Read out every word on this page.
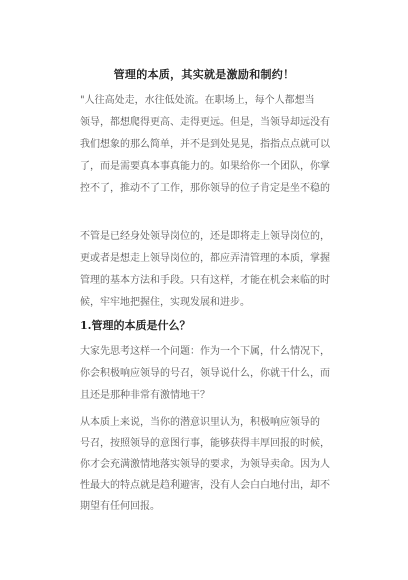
管理的本质，其实就是激励和制约！
"人往高处走，水往低处流。在职场上，每个人都想当
领导，都想爬得更高、走得更远。但是，当领导却远没有
我们想象的那么简单，并不是到处晃晃，指指点点就可以
了，而是需要真本事真能力的。如果给你一个团队，你掌
控不了，推动不了工作，那你领导的位子肯定是坐不稳的
不管是已经身处领导岗位的，还是即将走上领导岗位的，
更或者是想走上领导岗位的，都应弄清管理的本质，掌握
管理的基本方法和手段。只有这样，才能在机会来临的时
候，牢牢地把握住，实现发展和进步。
1.管理的本质是什么？
大家先思考这样一个问题：作为一个下属，什么情况下，
你会积极响应领导的号召，领导说什么，你就干什么，而
且还是那种非常有激情地干？
从本质上来说，当你的潜意识里认为，积极响应领导的
号召，按照领导的意图行事，能够获得丰厚回报的时候，
你才会充满激情地落实领导的要求，为领导卖命。因为人
性最大的特点就是趋利避害，没有人会白白地付出，却不
期望有任何回报。
